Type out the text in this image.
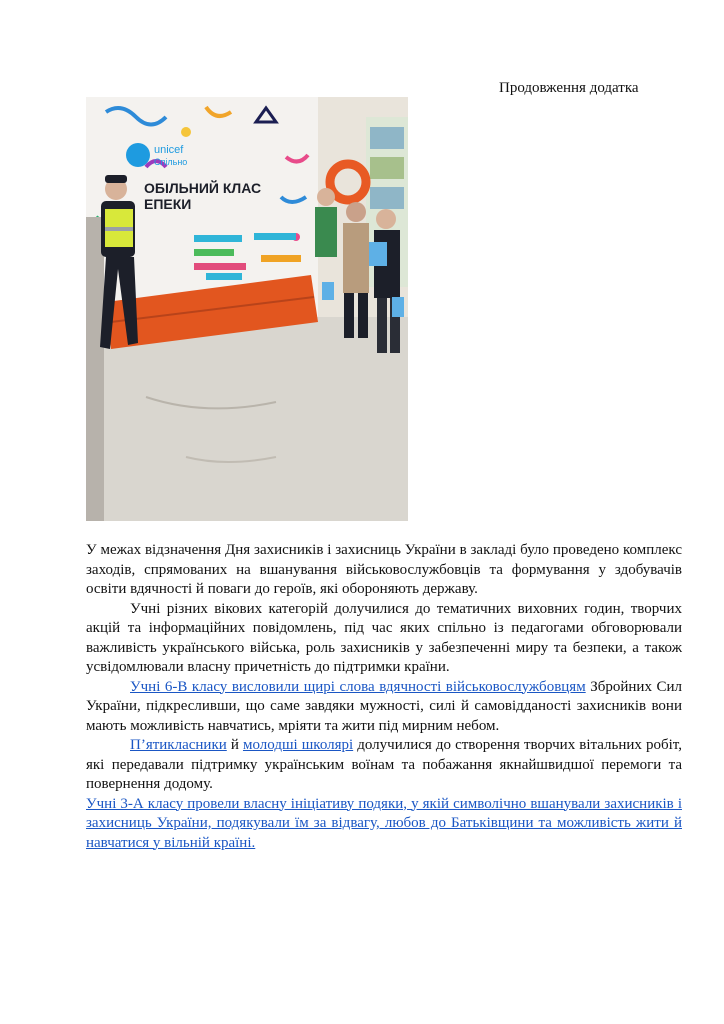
Продовження додатка

unicef
Спільно
ОБІЛЬНИЙ КЛАС
ЕПЕКИ

У межах відзначення Дня захисників і захисниць України в закладі було проведено комплекс заходів, спрямованих на вшанування військовослужбовців та формування у здобувачів освіти вдячності й поваги до героїв, які обороняють державу.

Учні різних вікових категорій долучилися до тематичних виховних годин, творчих акцій та інформаційних повідомлень, під час яких спільно із педагогами обговорювали важливість українського війська, роль захисників у забезпеченні миру та безпеки, а також усвідомлювали власну причетність до підтримки країни.

Учні 6-В класу висловили щирі слова вдячності військовослужбовцям Збройних Сил України, підкресливши, що саме завдяки мужності, силі й самовідданості захисників вони мають можливість навчатись, мріяти та жити під мирним небом.

П’ятикласники й молодші школярі долучилися до створення творчих вітальних робіт, які передавали підтримку українським воїнам та побажання якнайшвидшої перемоги та повернення додому.

Учні 3-А класу провели власну ініціативу подяки, у якій символічно вшанували захисників і захисниць України, подякували їм за відвагу, любов до Батьківщини та можливість жити й навчатися у вільній країні.
